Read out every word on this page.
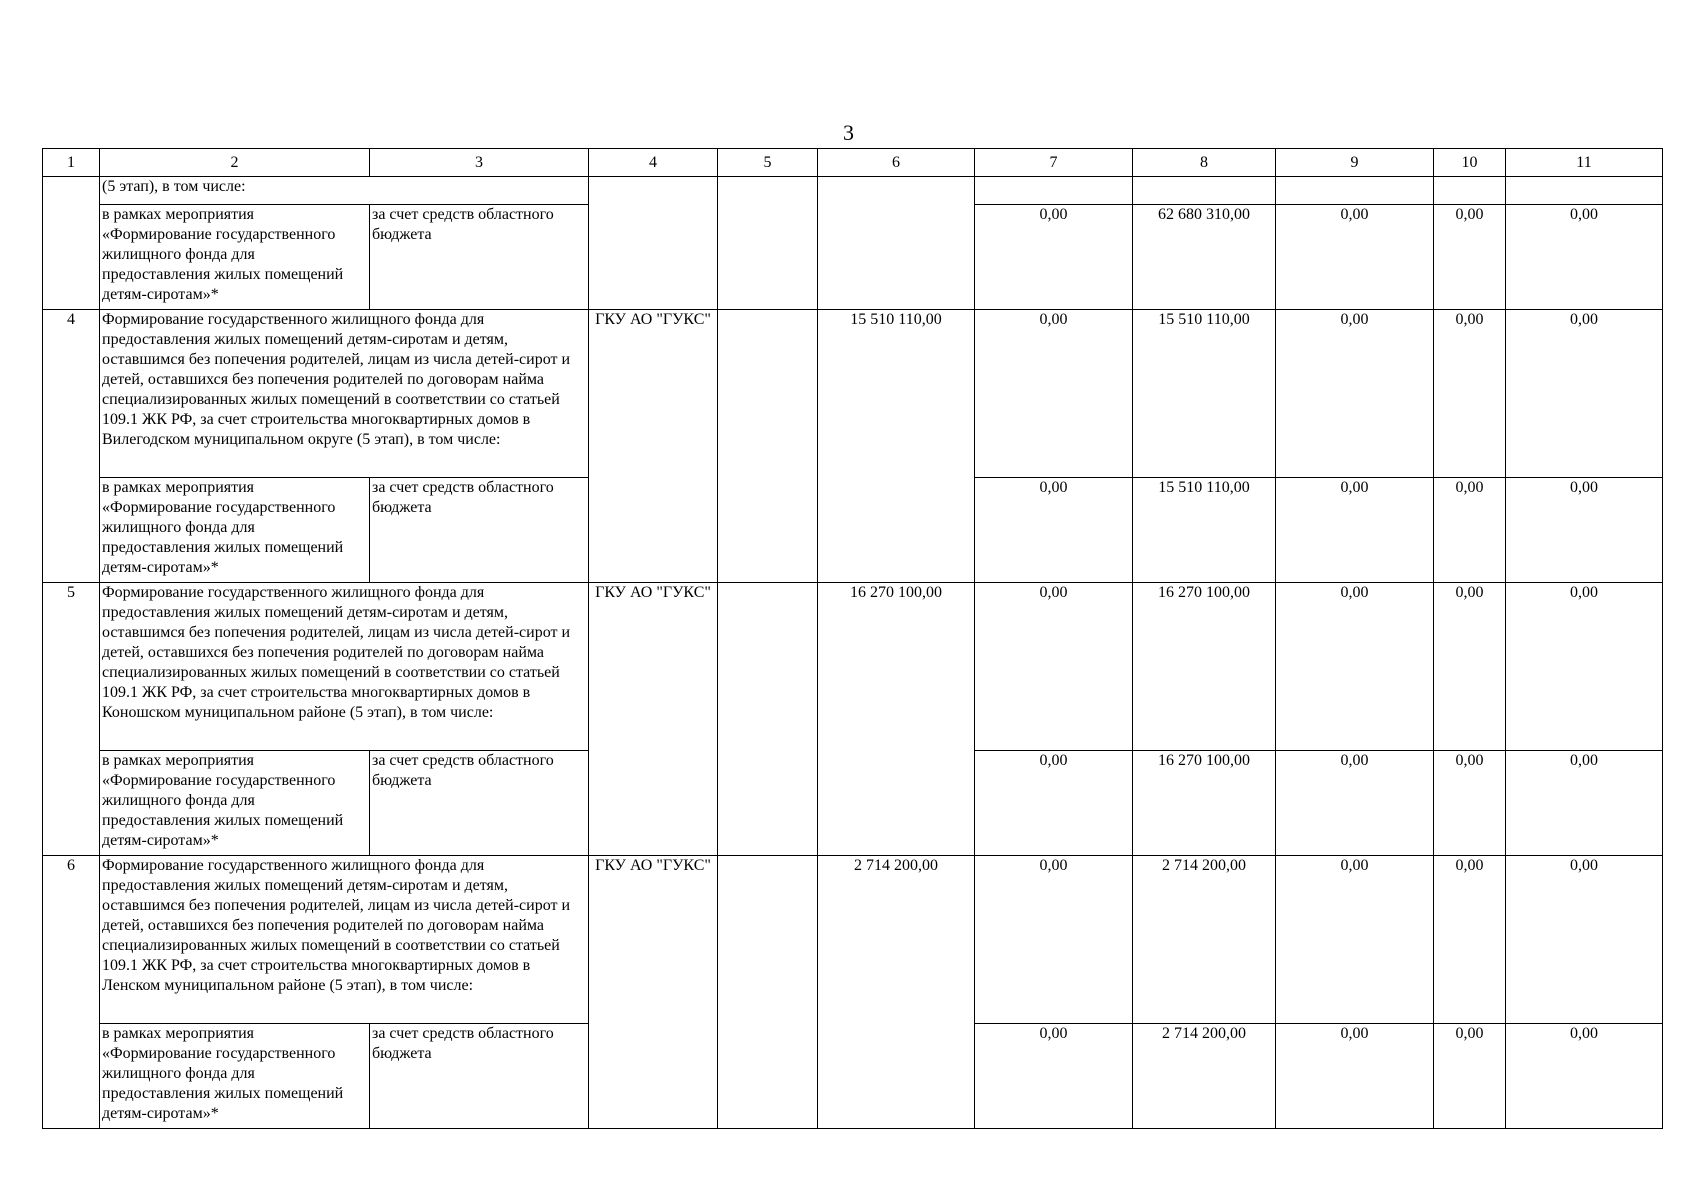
3
1	2	3	4	5	6	7	8	9	10	11
	(5 этап), в том числе:									
	в рамках мероприятия «Формирование государственного жилищного фонда для предоставления жилых помещений детям-сиротам»*	за счет средств областного бюджета				0,00	62 680 310,00	0,00	0,00	0,00
4	Формирование государственного жилищного фонда для предоставления жилых помещений детям-сиротам и детям, оставшимся без попечения родителей, лицам из числа детей-сирот и детей, оставшихся без попечения родителей по договорам найма специализированных жилых помещений в соответствии со статьей 109.1 ЖК РФ, за счет строительства многоквартирных домов в Вилегодском муниципальном округе (5 этап), в том числе:		ГКУ АО "ГУКС"		15 510 110,00	0,00	15 510 110,00	0,00	0,00	0,00
	в рамках мероприятия «Формирование государственного жилищного фонда для предоставления жилых помещений детям-сиротам»*	за счет средств областного бюджета				0,00	15 510 110,00	0,00	0,00	0,00
5	Формирование государственного жилищного фонда для предоставления жилых помещений детям-сиротам и детям, оставшимся без попечения родителей, лицам из числа детей-сирот и детей, оставшихся без попечения родителей по договорам найма специализированных жилых помещений в соответствии со статьей 109.1 ЖК РФ, за счет строительства многоквартирных домов в Коношском муниципальном районе (5 этап), в том числе:		ГКУ АО "ГУКС"		16 270 100,00	0,00	16 270 100,00	0,00	0,00	0,00
	в рамках мероприятия «Формирование государственного жилищного фонда для предоставления жилых помещений детям-сиротам»*	за счет средств областного бюджета				0,00	16 270 100,00	0,00	0,00	0,00
6	Формирование государственного жилищного фонда для предоставления жилых помещений детям-сиротам и детям, оставшимся без попечения родителей, лицам из числа детей-сирот и детей, оставшихся без попечения родителей по договорам найма специализированных жилых помещений в соответствии со статьей 109.1 ЖК РФ, за счет строительства многоквартирных домов в Ленском муниципальном районе (5 этап), в том числе:		ГКУ АО "ГУКС"		2 714 200,00	0,00	2 714 200,00	0,00	0,00	0,00
	в рамках мероприятия «Формирование государственного жилищного фонда для предоставления жилых помещений детям-сиротам»*	за счет средств областного бюджета				0,00	2 714 200,00	0,00	0,00	0,00
